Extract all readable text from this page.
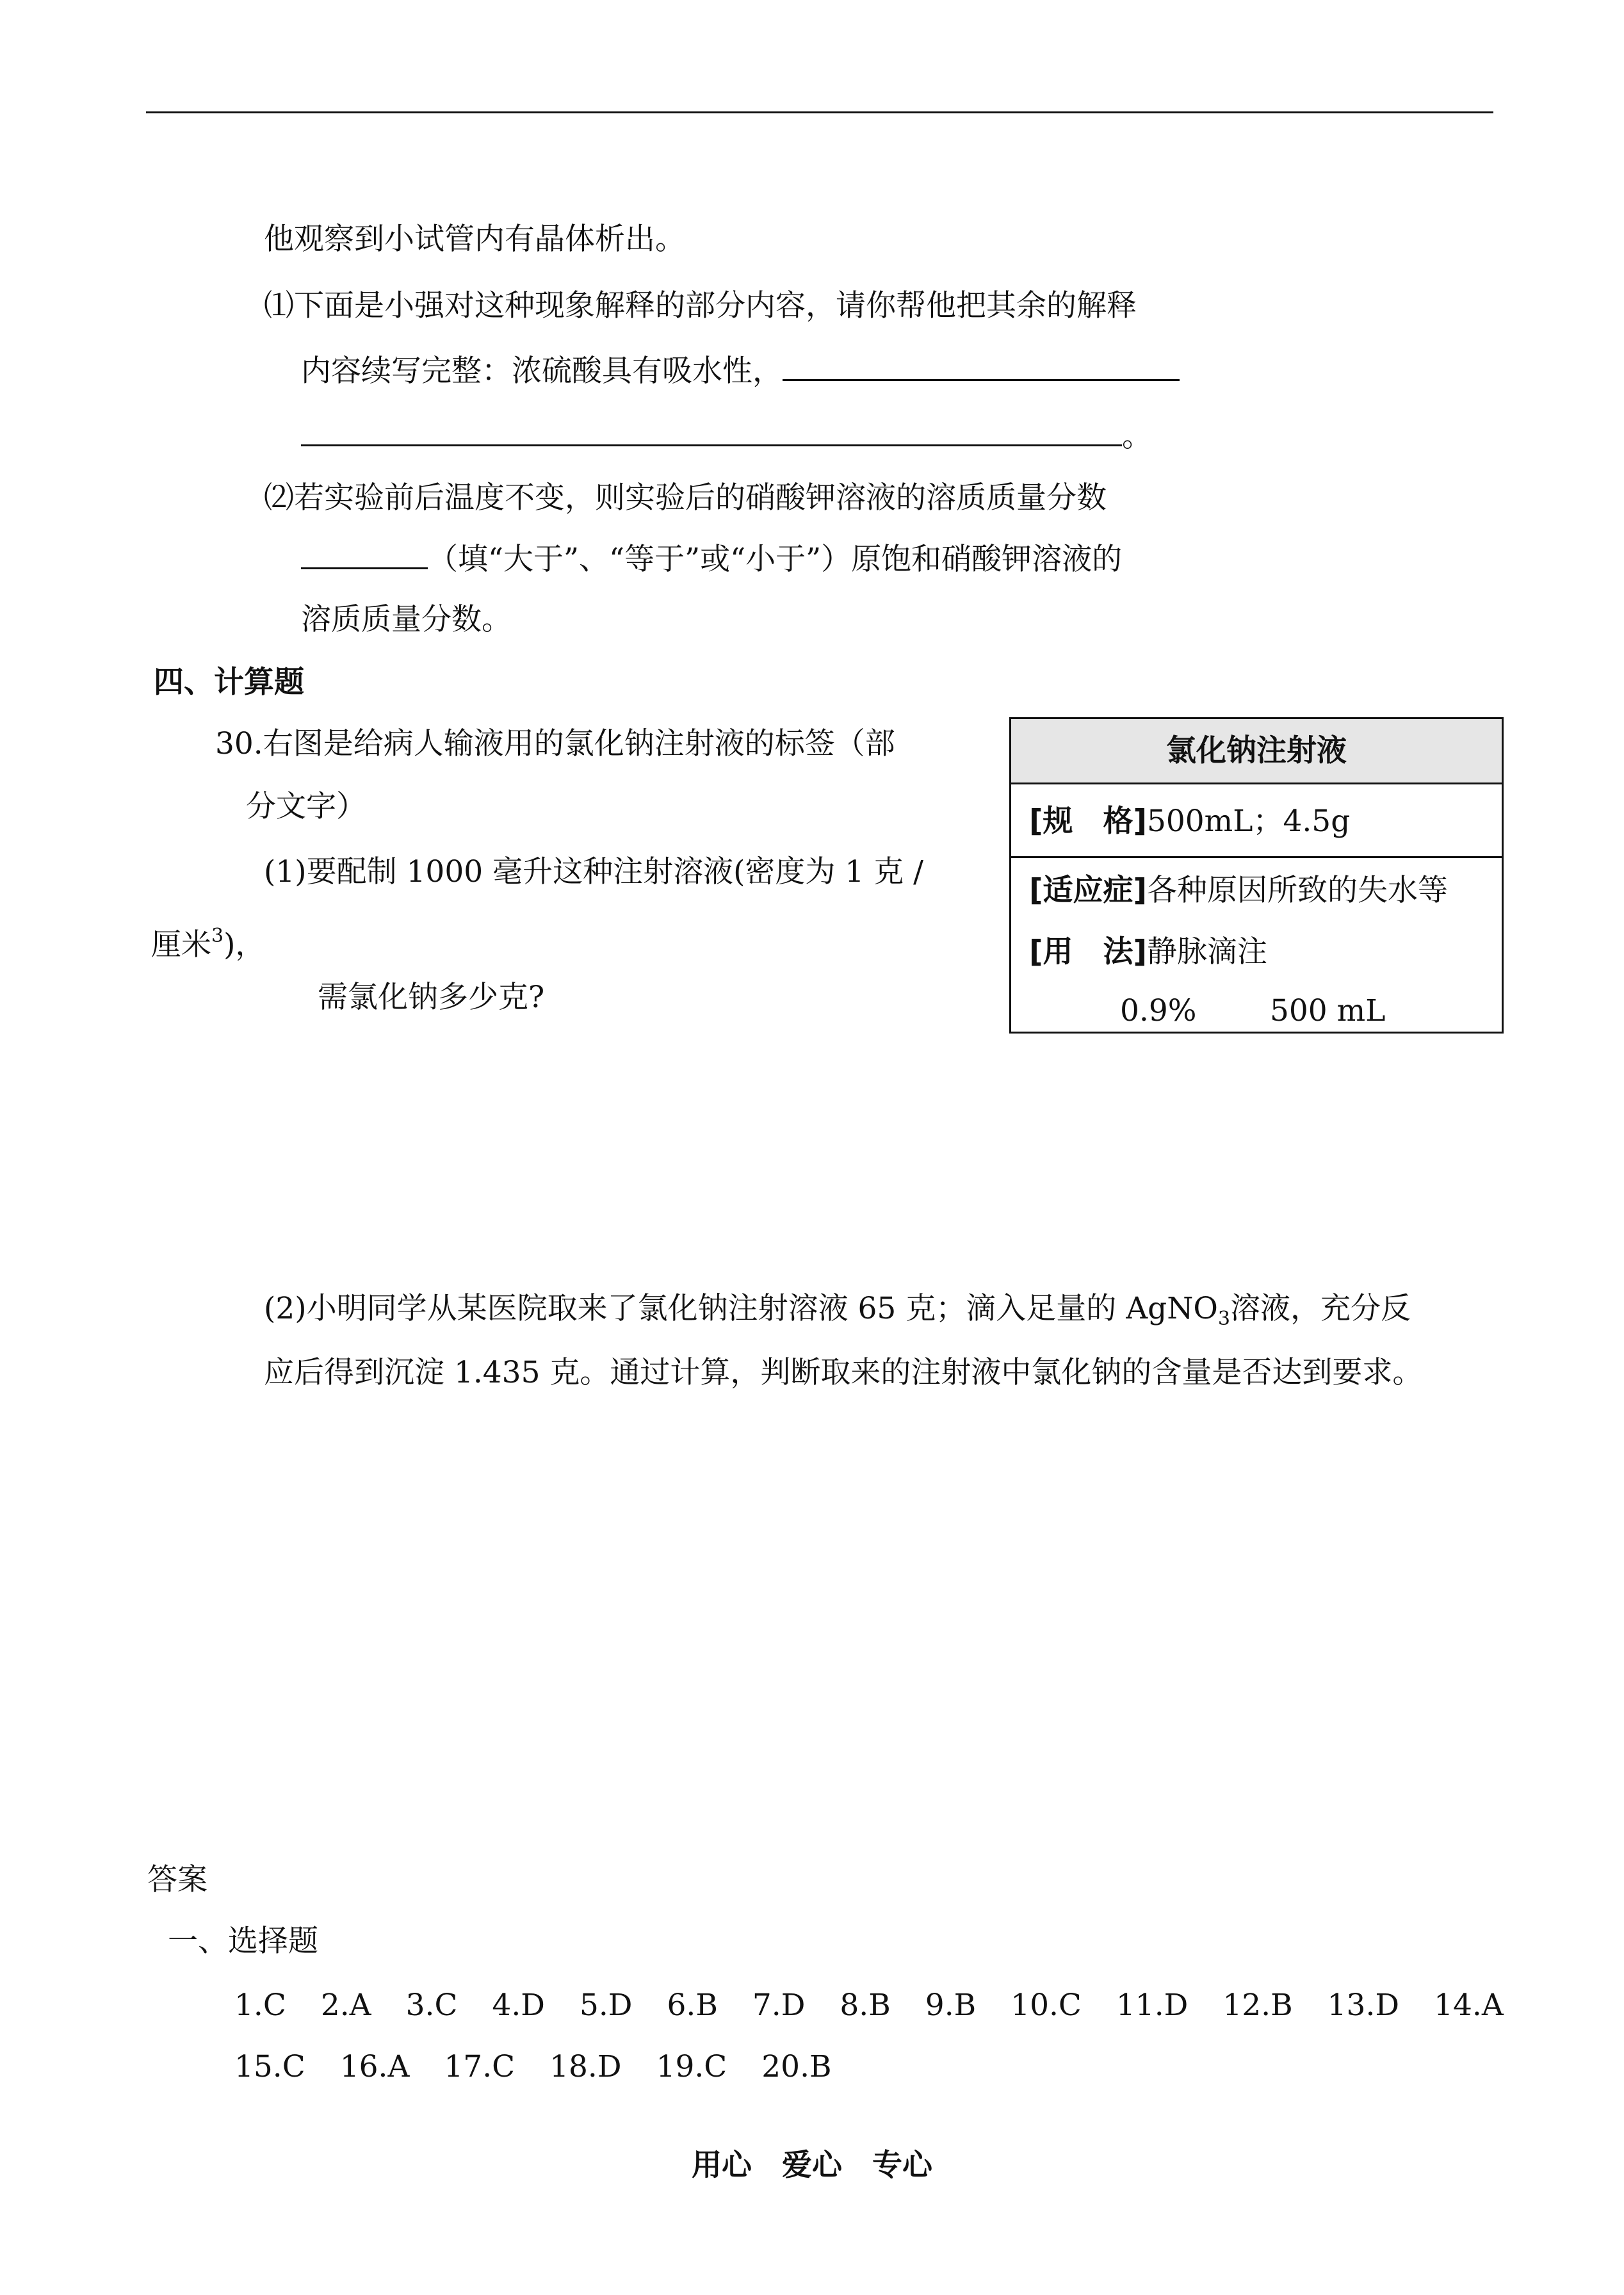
他观察到小试管内有晶体析出。
⑴下面是小强对这种现象解释的部分内容，请你帮他把其余的解释
内容续写完整：浓硫酸具有吸水性，
。
⑵若实验前后温度不变，则实验后的硝酸钾溶液的溶质质量分数
（填“大于”、“等于”或“小于”）原饱和硝酸钾溶液的
溶质质量分数。
四、计算题
30.右图是给病人输液用的氯化钠注射液的标签（部
分文字）
(1)要配制 1000 毫升这种注射溶液(密度为 1 克 /
厘米$^3$)，
需氯化钠多少克?
(2)小明同学从某医院取来了氯化钠注射溶液 65 克；滴入足量的 AgNO$_3$溶液，充分反
应后得到沉淀 1.435 克。通过计算，判断取来的注射液中氯化钠的含量是否达到要求。
氯化钠注射液
[规　格]500mL；4.5g
[适应症]各种原因所致的失水等
[用　法]静脉滴注
0.9% 500 mL
答案
一、选择题
1.C 2.A 3.C 4.D 5.D 6.B 7.D 8.B 9.B 10.C 11.D 12.B 13.D 14.A
15.C 16.A 17.C 18.D 19.C 20.B
用心　爱心　专心
